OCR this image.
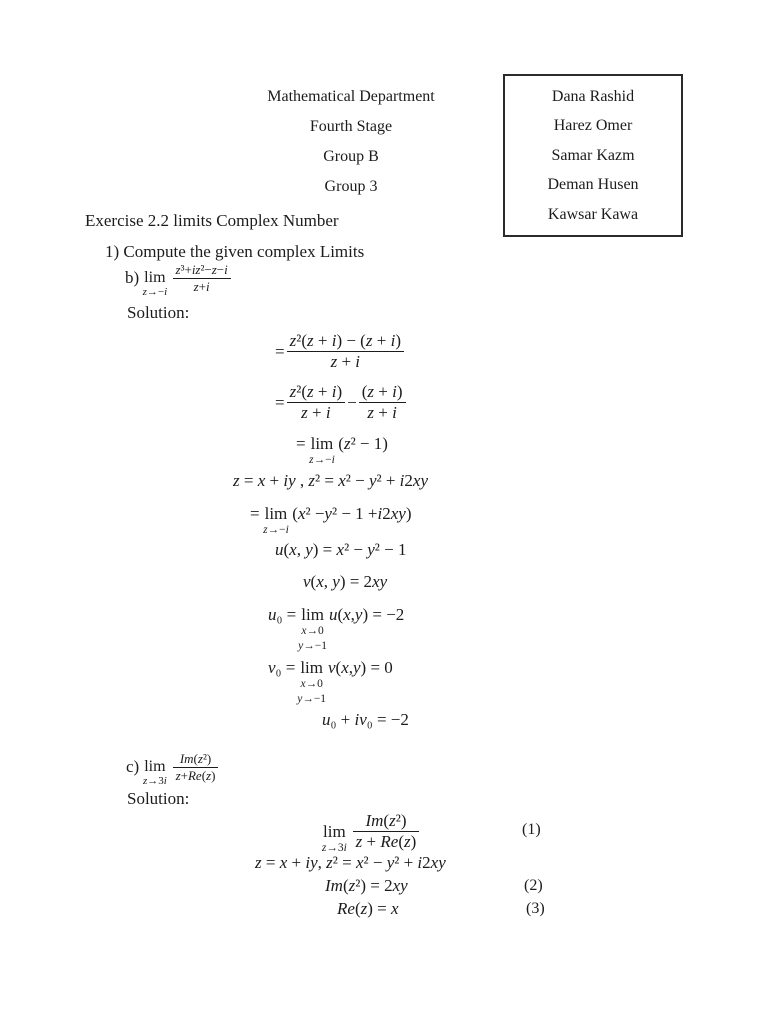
Mathematical Department
Fourth Stage
Group B
Group 3
Dana Rashid
Harez Omer
Samar Kazm
Deman Husen
Kawsar Kawa
Exercise 2.2 limits Complex Number
1) Compute the given complex Limits
b) lim
$z\to-i \frac{\text{z³+iz²−z−i}}{z+i}$
Solution:
= $\frac{\text{z²(z + i) − (z + i)}}{z + i}$
= $\frac{\text{z²(z + i)}}{z + i} - \frac{(z + i)}{z + i}$
= lim
z→−i
( z ² − 1)
z = x + iy , z² = x² − y² + i2xy
= lim
z→−i
( x ² − y ² − 1 + i 2 xy )
u(x, y) = x² − y² − 1
v(x, y) = 2xy
u ₀ = lim
x→0
y→−1
u ( x , y ) = −2
v ₀ = lim
x→0
y→−1
v ( x , y ) = 0
u₀ + iv₀ = −2
c) lim
$z\to 3i \frac{\text{Im(z²)}}{z+Re(z)}$
Solution:
lim
$z\to 3i \frac{\text{Im(z²)}}{z + Re(z)}$
z = x + iy, z² = x² − y² + i2xy
Im(z²) = 2xy
Re(z) = x
(1)
(2)
(3)
